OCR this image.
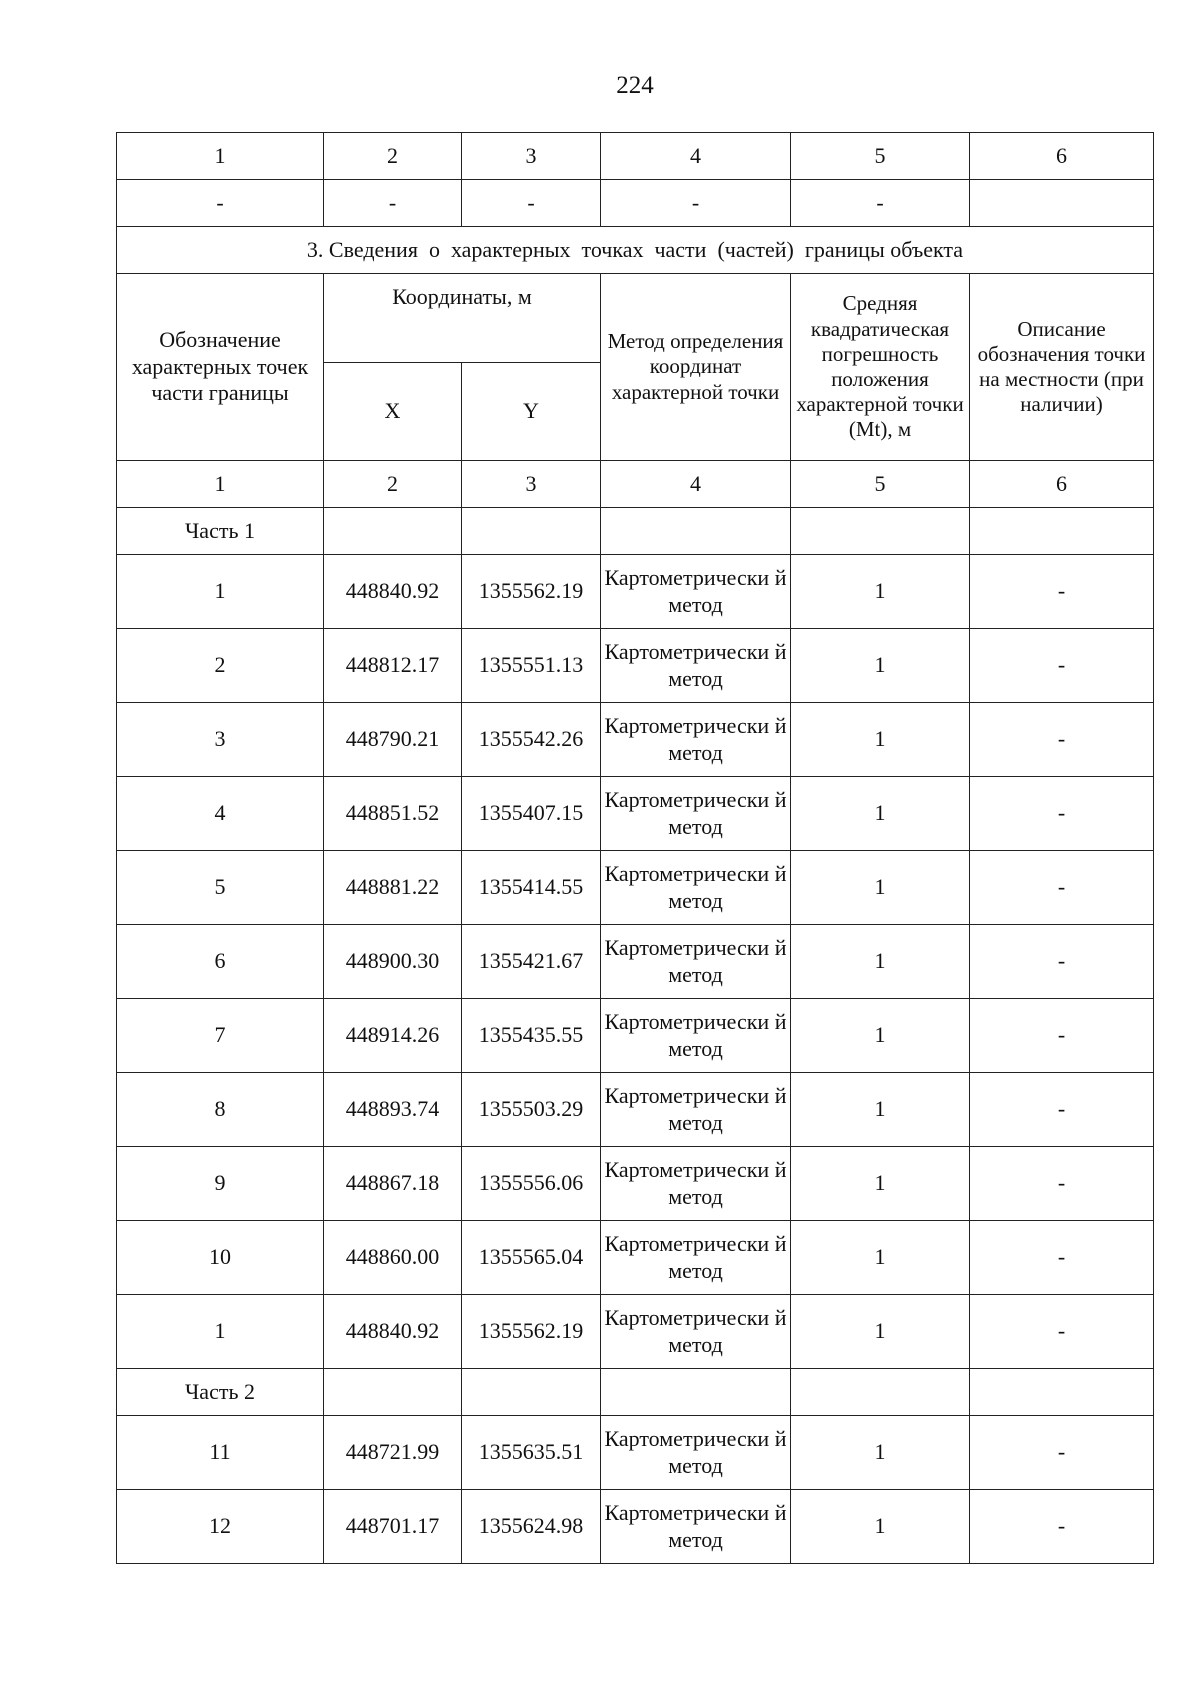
224
1	2	3	4	5	6
-	-	-	-	-	
3. Сведения  о  характерных  точках  части  (частей)  границы объекта					
Обозначение характерных точек части границы	Координаты, м		Метод определения координат характерной точки	Средняя квадратическая погрешность положения характерной точки (Mt), м	Описание обозначения точки на местности (при наличии)
	X	Y			
1	2	3	4	5	6
Часть 1					
1	448840.92	1355562.19	Картометрически й метод	1	-
2	448812.17	1355551.13	Картометрически й метод	1	-
3	448790.21	1355542.26	Картометрически й метод	1	-
4	448851.52	1355407.15	Картометрически й метод	1	-
5	448881.22	1355414.55	Картометрически й метод	1	-
6	448900.30	1355421.67	Картометрически й метод	1	-
7	448914.26	1355435.55	Картометрически й метод	1	-
8	448893.74	1355503.29	Картометрически й метод	1	-
9	448867.18	1355556.06	Картометрически й метод	1	-
10	448860.00	1355565.04	Картометрически й метод	1	-
1	448840.92	1355562.19	Картометрически й метод	1	-
Часть 2					
11	448721.99	1355635.51	Картометрически й метод	1	-
12	448701.17	1355624.98	Картометрически й метод	1	-
